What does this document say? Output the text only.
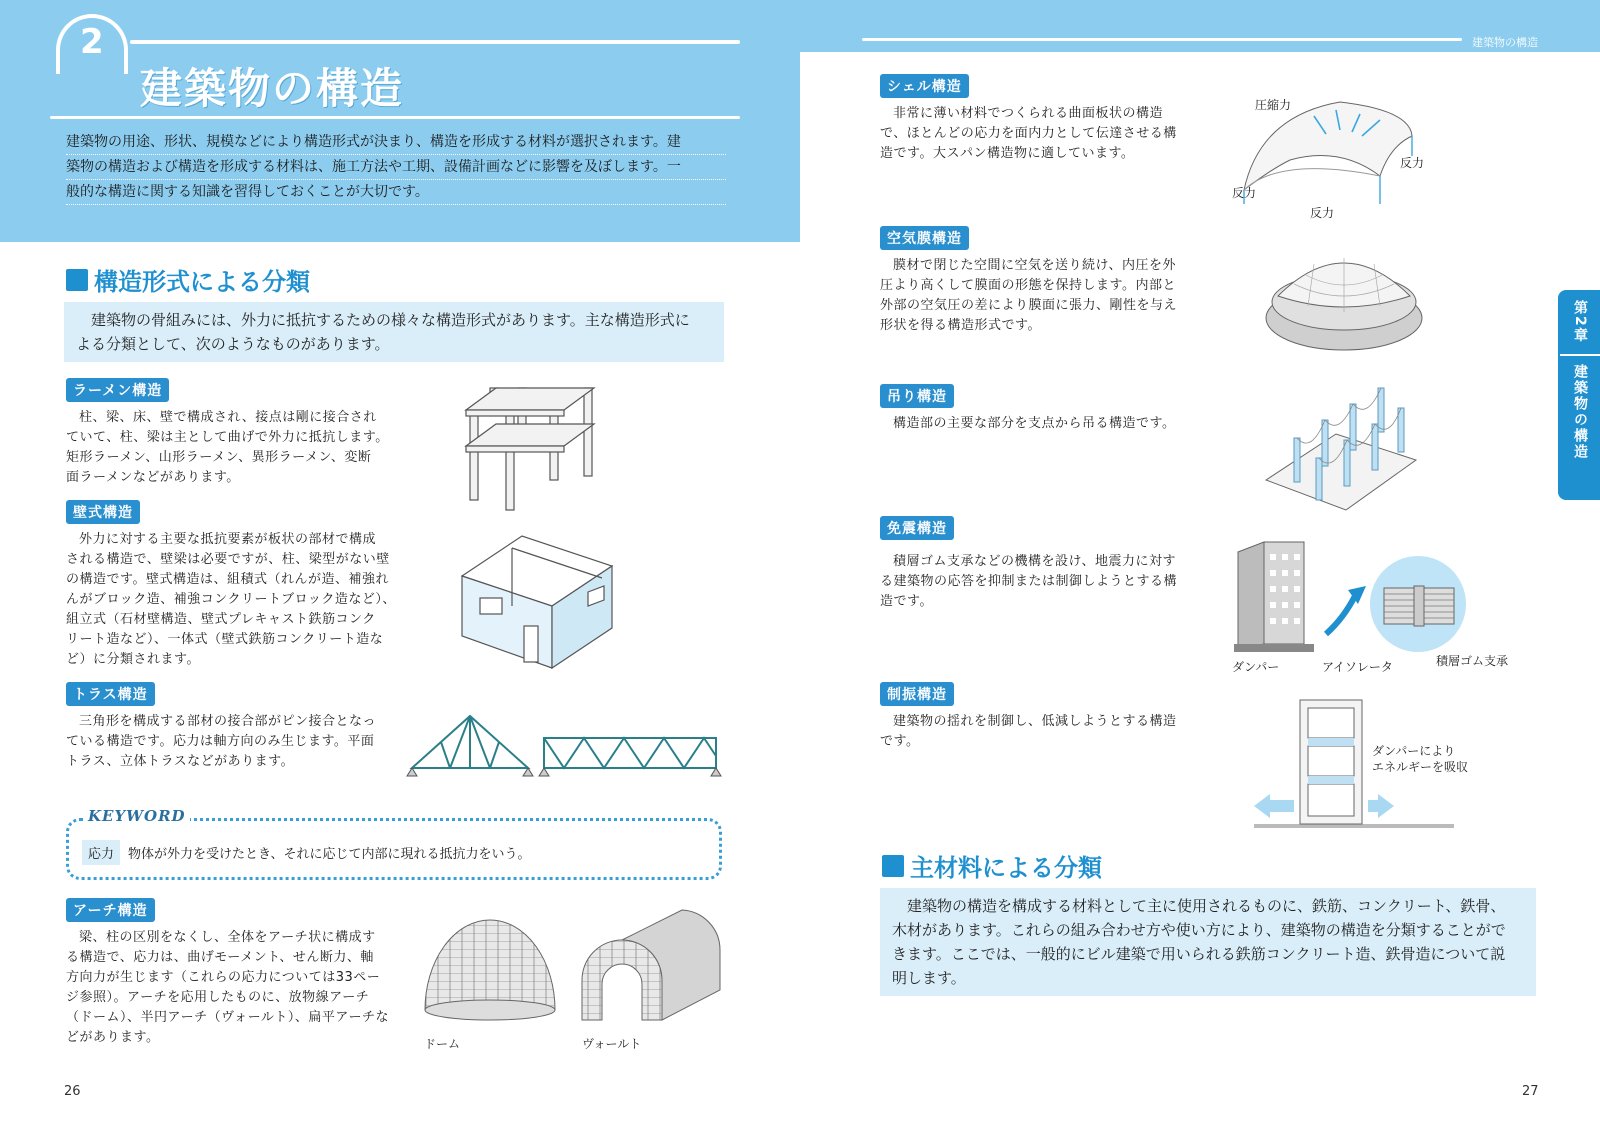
2
建築物の構造
建築物の用途、形状、規模などにより構造形式が決まり、構造を形成する材料が選択されます。建
築物の構造および構造を形成する材料は、施工方法や工期、設備計画などに影響を及ぼします。一
般的な構造に関する知識を習得しておくことが大切です。
構造形式による分類
建築物の骨組みには、外力に抵抗するための様々な構造形式があります。主な構造形式に
よる分類として、次のようなものがあります。
ラーメン構造
柱、梁、床、壁で構成され、接点は剛に接合され
ていて、柱、梁は主として曲げで外力に抵抗します。
矩形ラーメン、山形ラーメン、異形ラーメン、変断
面ラーメンなどがあります。
壁式構造
外力に対する主要な抵抗要素が板状の部材で構成
される構造で、壁梁は必要ですが、柱、梁型がない壁
の構造です。壁式構造は、組積式（れんが造、補強れ
んがブロック造、補強コンクリートブロック造など）、
組立式（石材壁構造、壁式プレキャスト鉄筋コンク
リート造など）、一体式（壁式鉄筋コンクリート造な
ど）に分類されます。
トラス構造
三角形を構成する部材の接合部がピン接合となっ
ている構造です。応力は軸方向のみ生じます。平面
トラス、立体トラスなどがあります。
KEYWORD
応力	物体が外力を受けたとき、それに応じて内部に現れる抵抗力をいう。
アーチ構造
梁、柱の区別をなくし、全体をアーチ状に構成す
る構造で、応力は、曲げモーメント、せん断力、軸
方向力が生じます（これらの応力については33ペー
ジ参照）。アーチを応用したものに、放物線アーチ
（ドーム）、半円アーチ（ヴォールト）、扁平アーチな
どがあります。	ドーム	ヴォールト
26
建築物の構造
シェル構造
非常に薄い材料でつくられる曲面板状の構造
で、ほとんどの応力を面内力として伝達させる構
造です。大スパン構造物に適しています。
圧縮力
反力
反力
反力
空気膜構造
膜材で閉じた空間に空気を送り続け、内圧を外
圧より高くして膜面の形態を保持します。内部と
外部の空気圧の差により膜面に張力、剛性を与え
形状を得る構造形式です。
吊り構造
構造部の主要な部分を支点から吊る構造です。
免震構造
積層ゴム支承などの機構を設け、地震力に対す
る建築物の応答を抑制または制御しようとする構
造です。
ダンパー	アイソレータ	積層ゴム支承
制振構造
建築物の揺れを制御し、低減しようとする構造
です。
ダンパーにより
エネルギーを吸収
主材料による分類
建築物の構造を構成する材料として主に使用されるものに、鉄筋、コンクリート、鉄骨、
木材があります。これらの組み合わせ方や使い方により、建築物の構造を分類することがで
きます。ここでは、一般的にビル建築で用いられる鉄筋コンクリート造、鉄骨造について説
明します。
第2章
建築物の構造
27
